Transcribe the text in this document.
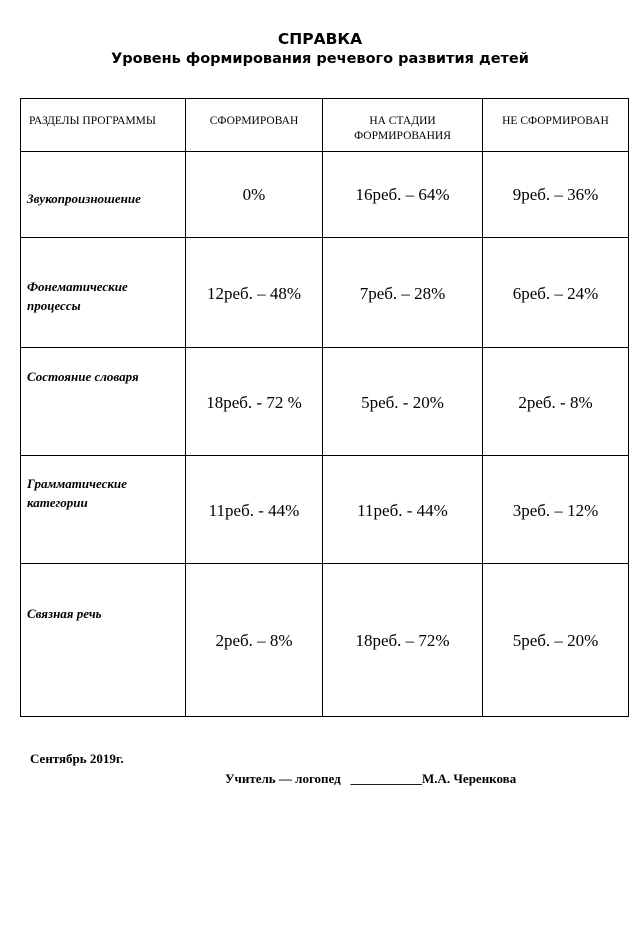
СПРАВКА
Уровень формирования речевого развития детей
РАЗДЕЛЫ ПРОГРАММЫ	СФОРМИРОВАН	НА СТАДИИ ФОРМИРОВАНИЯ	НЕ СФОРМИРОВАН

Звукопроизношение	0%	16реб. – 64%	9реб. – 36%

Фонематические процессы	12реб. – 48%	7реб. – 28%	6реб. – 24%

Состояние словаря	18реб. - 72 %	5реб. - 20%	2реб. - 8%

Грамматические категории	11реб. - 44%	11реб. - 44%	3реб. – 12%

Связная речь	2реб. – 8%	18реб. – 72%	5реб. – 20%
Сентябрь 2019г.
Учитель — логопед   ___________М.А. Черенкова
